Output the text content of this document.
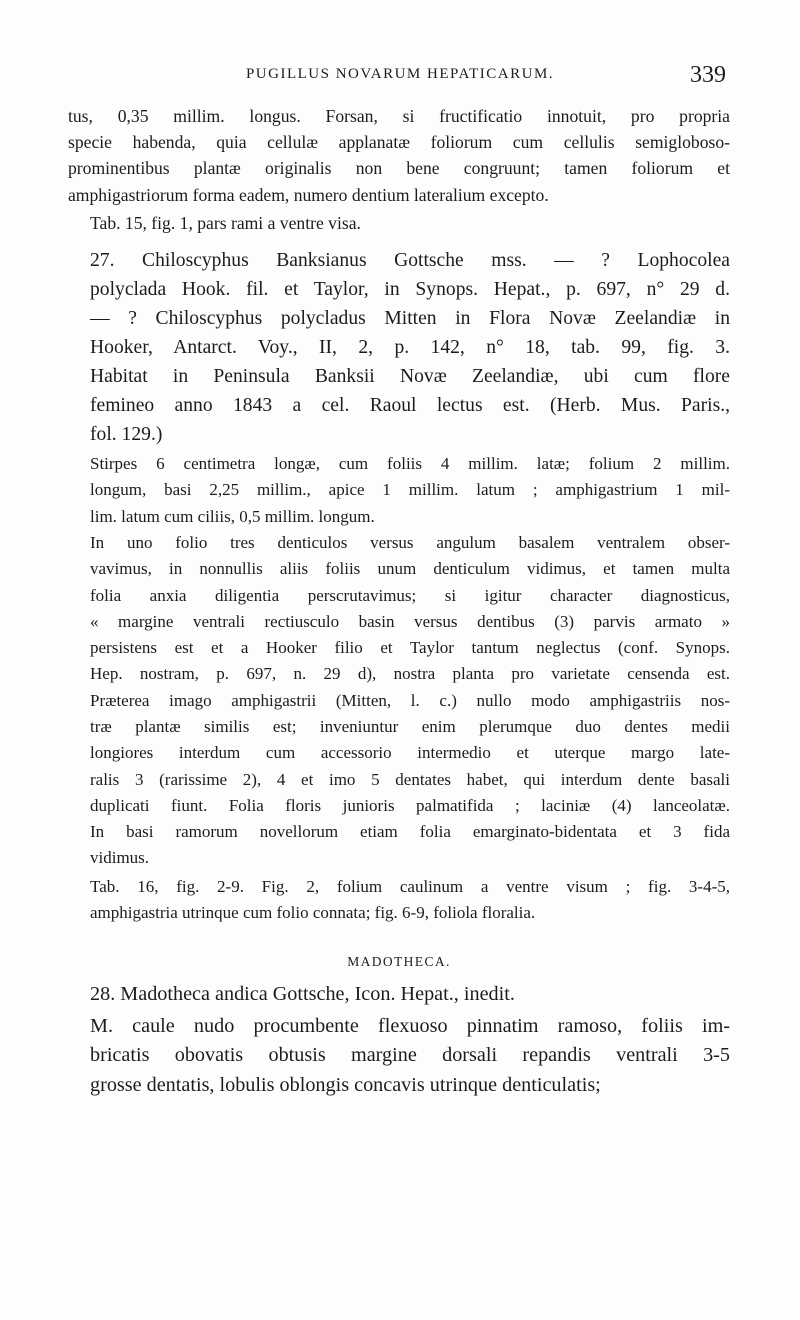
PUGILLUS NOVARUM HEPATICARUM.	339

tus, 0,35 millim. longus. Forsan, si fructificatio innotuit, pro propria
specie habenda, quia cellulæ applanatæ foliorum cum cellulis semigloboso-
prominentibus plantæ originalis non bene congruunt; tamen foliorum et
amphigastriorum forma eadem, numero dentium lateralium excepto.

Tab. 15, fig. 1, pars rami a ventre visa.

27. Chiloscyphus Banksianus Gottsche mss. — ? Lophocolea
polyclada Hook. fil. et Taylor, in Synops. Hepat., p. 697, n° 29 d.
— ? Chiloscyphus polycladus Mitten in Flora Novæ Zeelandiæ in
Hooker, Antarct. Voy., II, 2, p. 142, n° 18, tab. 99, fig. 3.
Habitat in Peninsula Banksii Novæ Zeelandiæ, ubi cum flore
femineo anno 1843 a cel. Raoul lectus est. (Herb. Mus. Paris.,
fol. 129.)

Stirpes 6 centimetra longæ, cum foliis 4 millim. latæ; folium 2 millim.
longum, basi 2,25 millim., apice 1 millim. latum ; amphigastrium 1 mil-
lim. latum cum ciliis, 0,5 millim. longum.

In uno folio tres denticulos versus angulum basalem ventralem obser-
vavimus, in nonnullis aliis foliis unum denticulum vidimus, et tamen multa
folia anxia diligentia perscrutavimus; si igitur character diagnosticus,
« margine ventrali rectiusculo basin versus dentibus (3) parvis armato »
persistens est et a Hooker filio et Taylor tantum neglectus (conf. Synops.
Hep. nostram, p. 697, n. 29 d), nostra planta pro varietate censenda est.
Præterea imago amphigastrii (Mitten, l. c.) nullo modo amphigastriis nos-
træ plantæ similis est; inveniuntur enim plerumque duo dentes medii
longiores interdum cum accessorio intermedio et uterque margo late-
ralis 3 (rarissime 2), 4 et imo 5 dentates habet, qui interdum dente basali
duplicati fiunt. Folia floris junioris palmatifida ; laciniæ (4) lanceolatæ.
In basi ramorum novellorum etiam folia emarginato-bidentata et 3 fida
vidimus.

Tab. 16, fig. 2-9. Fig. 2, folium caulinum a ventre visum ; fig. 3-4-5,
amphigastria utrinque cum folio connata; fig. 6-9, foliola floralia.

MADOTHECA.

28. Madotheca andica Gottsche, Icon. Hepat., inedit.

M. caule nudo procumbente flexuoso pinnatim ramoso, foliis im-
bricatis obovatis obtusis margine dorsali repandis ventrali 3-5
grosse dentatis, lobulis oblongis concavis utrinque denticulatis;
